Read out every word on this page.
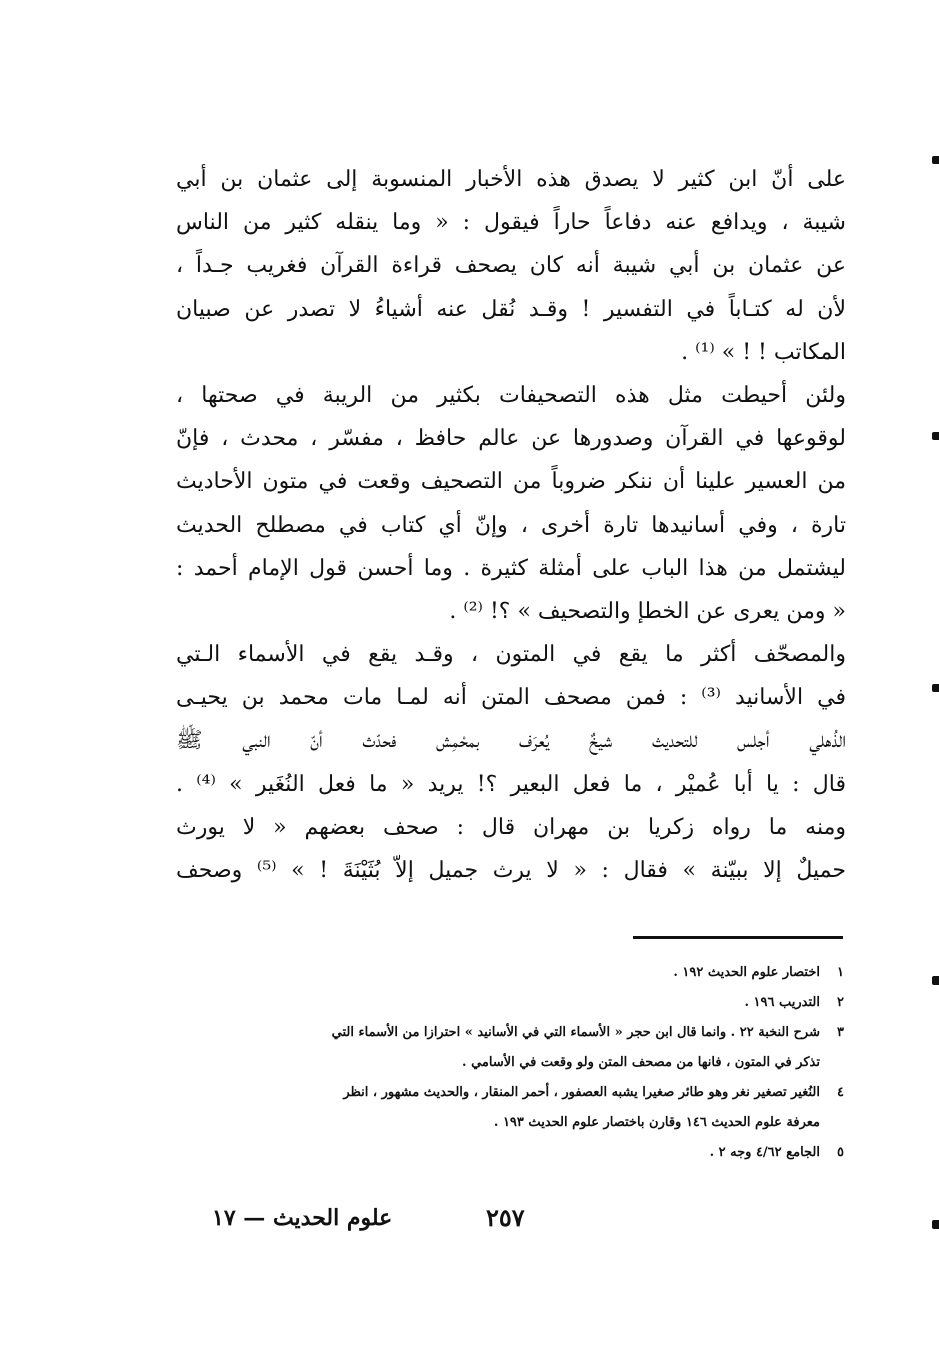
على أنّ ابن كثير لا يصدق هذه الأخبار المنسوبة إلى عثمان بن أبي
شيبة ، ويدافع عنه دفاعاً حاراً فيقول : « وما ينقله كثير من الناس
عن عثمان بن أبي شيبة أنه كان يصحف قراءة القرآن فغريب جـداً ،
لأن له كتـاباً في التفسير ! وقـد نُقل عنه أشياءُ لا تصدر عن صبيان
المكاتب ! ! » ⁽¹⁾ .
ولئن أحيطت مثل هذه التصحيفات بكثير من الريبة في صحتها ،
لوقوعها في القرآن وصدورها عن عالم حافظ ، مفسّر ، محدث ، فإنّ
من العسير علينا أن ننكر ضروباً من التصحيف وقعت في متون الأحاديث
تارة ، وفي أسانيدها تارة أخرى ، وإنّ أي كتاب في مصطلح الحديث
ليشتمل من هذا الباب على أمثلة كثيرة . وما أحسن قول الإمام أحمد :
« ومن يعرى عن الخطإ والتصحيف » ؟! ⁽²⁾ .
والمصحّف أكثر ما يقع في المتون ، وقـد يقع في الأسماء الـتي
في الأسانيد ⁽³⁾ : فمن مصحف المتن أنه لمـا مات محمد بن يحيـى
الذُهلي أجلس للتحديث شيخٌ يُعرَف بمحْمِش فحدّث أنّ النبي ﷺ
قال : يا أبا عُميْر ، ما فعل البعير ؟! يريد « ما فعل النُغَير » ⁽⁴⁾ .
ومنه ما رواه زكريا بن مهران قال : صحف بعضهم « لا يورث
حميلٌ إلا ببيّنة » فقال : « لا يرث جميل إلاّ بُثَيْنَةَ ! » ⁽⁵⁾ وصحف
١
اختصار علوم الحديث ١٩٢ .
٢
التدريب ١٩٦ .
٣
شرح النخبة ٢٢ . وانما قال ابن حجر « الأسماء التي في الأسانيد » احترازا من الأسماء التي
تذكر في المتون ، فانها من مصحف المتن ولو وقعت في الأسامي .
٤
النُغير تصغير نغر وهو طائر صغيرا يشبه العصفور ، أحمر المنقار ، والحديث مشهور ، انظر
معرفة علوم الحديث ١٤٦ وقارن باختصار علوم الحديث ١٩٣ .
٥
الجامع ٤/٦٢ وجه ٢ .
٢٥٧
علوم الحديث — ١٧
